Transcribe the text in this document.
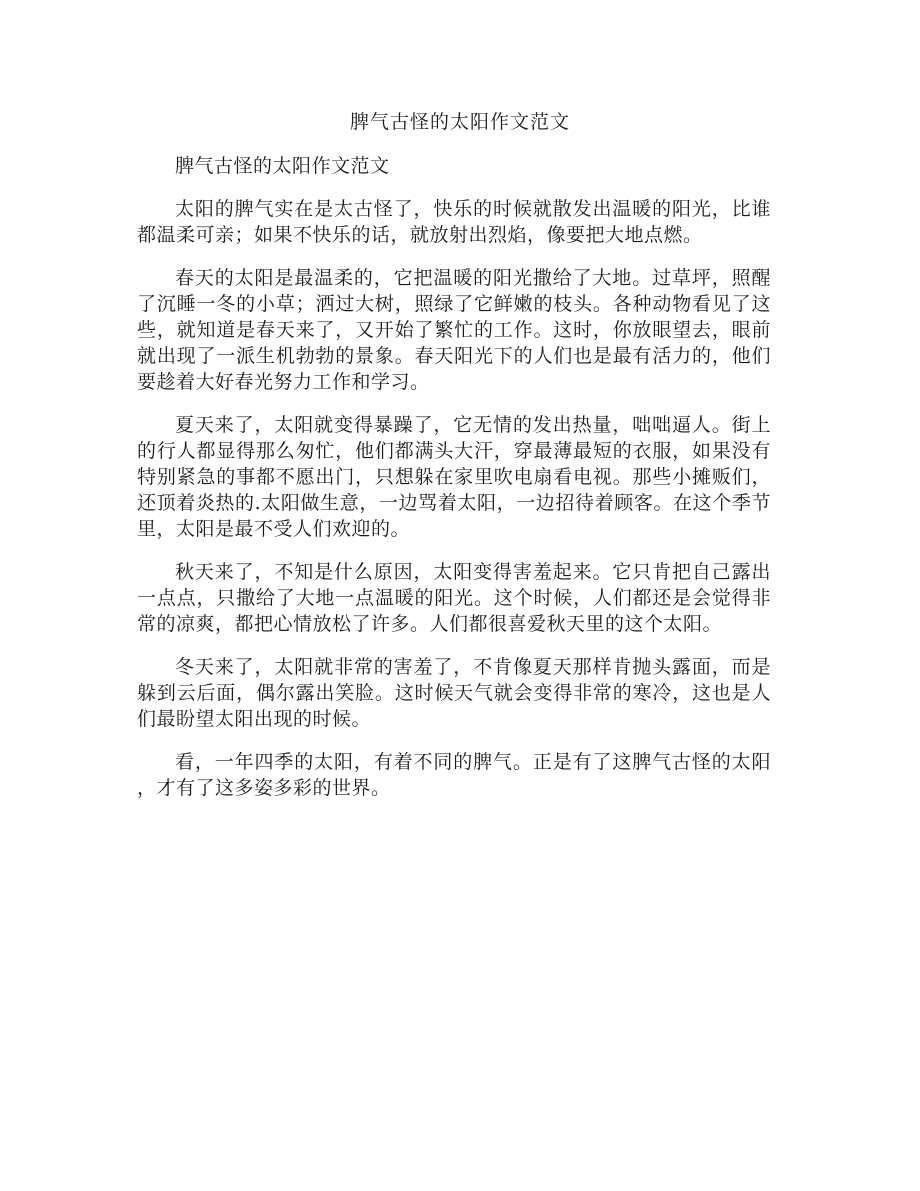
脾气古怪的太阳作文范文

脾气古怪的太阳作文范文

太阳的脾气实在是太古怪了，快乐的时候就散发出温暖的阳光，比谁都温柔可亲；如果不快乐的话，就放射出烈焰，像要把大地点燃。

春天的太阳是最温柔的，它把温暖的阳光撒给了大地。过草坪，照醒了沉睡一冬的小草；洒过大树，照绿了它鲜嫩的枝头。各种动物看见了这些，就知道是春天来了，又开始了繁忙的工作。这时，你放眼望去，眼前就出现了一派生机勃勃的景象。春天阳光下的人们也是最有活力的，他们要趁着大好春光努力工作和学习。

夏天来了，太阳就变得暴躁了，它无情的发出热量，咄咄逼人。街上的行人都显得那么匆忙，他们都满头大汗，穿最薄最短的衣服，如果没有特别紧急的事都不愿出门，只想躲在家里吹电扇看电视。那些小摊贩们，还顶着炎热的.太阳做生意，一边骂着太阳，一边招待着顾客。在这个季节里，太阳是最不受人们欢迎的。

秋天来了，不知是什么原因，太阳变得害羞起来。它只肯把自己露出一点点，只撒给了大地一点温暖的阳光。这个时候，人们都还是会觉得非常的凉爽，都把心情放松了许多。人们都很喜爱秋天里的这个太阳。

冬天来了，太阳就非常的害羞了，不肯像夏天那样肯抛头露面，而是躲到云后面，偶尔露出笑脸。这时候天气就会变得非常的寒冷，这也是人们最盼望太阳出现的时候。

看，一年四季的太阳，有着不同的脾气。正是有了这脾气古怪的太阳，才有了这多姿多彩的世界。
